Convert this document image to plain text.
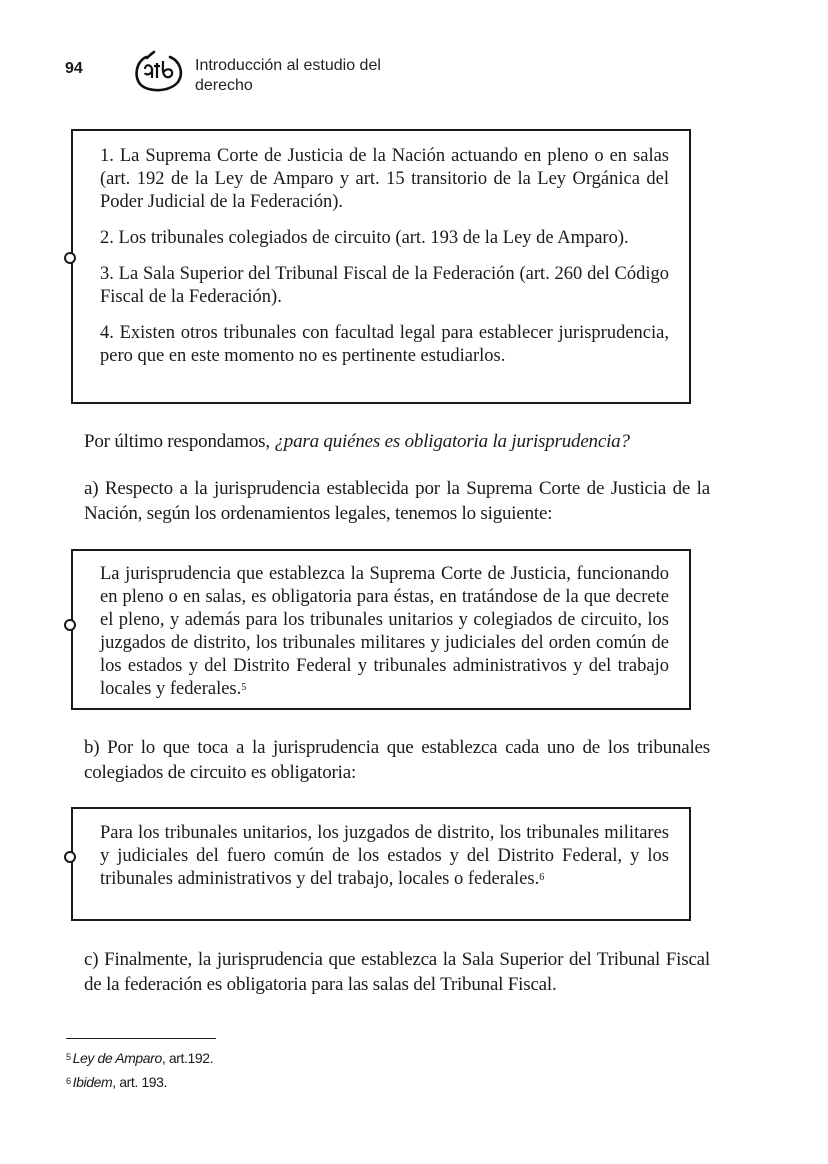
94	Introducción al estudio del
derecho

1. La Suprema Corte de Justicia de la Nación actuando en pleno o en salas (art. 192 de la Ley de Amparo y art. 15 transitorio de la Ley Orgánica del Poder Judicial de la Federación).

2. Los tribunales colegiados de circuito (art. 193 de la Ley de Amparo).

3. La Sala Superior del Tribunal Fiscal de la Federación (art. 260 del Código Fiscal de la Federación).

4. Existen otros tribunales con facultad legal para establecer jurisprudencia, pero que en este momento no es pertinente estudiarlos.

Por último respondamos, ¿para quiénes es obligatoria la jurisprudencia?

a) Respecto a la jurisprudencia establecida por la Suprema Corte de Justicia de la Nación, según los ordenamientos legales, tenemos lo siguiente:

La jurisprudencia que establezca la Suprema Corte de Justicia, funcionando en pleno o en salas, es obligatoria para éstas, en tratándose de la que decrete el pleno, y además para los tribunales unitarios y colegiados de circuito, los juzgados de distrito, los tribunales militares y judiciales del orden común de los estados y del Distrito Federal y tribunales administrativos y del trabajo locales y federales.$^5$

b) Por lo que toca a la jurisprudencia que establezca cada uno de los tribunales colegiados de circuito es obligatoria:

Para los tribunales unitarios, los juzgados de distrito, los tribunales militares y judiciales del fuero común de los estados y del Distrito Federal, y los tribunales administrativos y del trabajo, locales o federales.$^6$

c) Finalmente, la jurisprudencia que establezca la Sala Superior del Tribunal Fiscal de la federación es obligatoria para las salas del Tribunal Fiscal.

$^5$ Ley de Amparo, art.192.
$^6$ Ibidem, art. 193.
